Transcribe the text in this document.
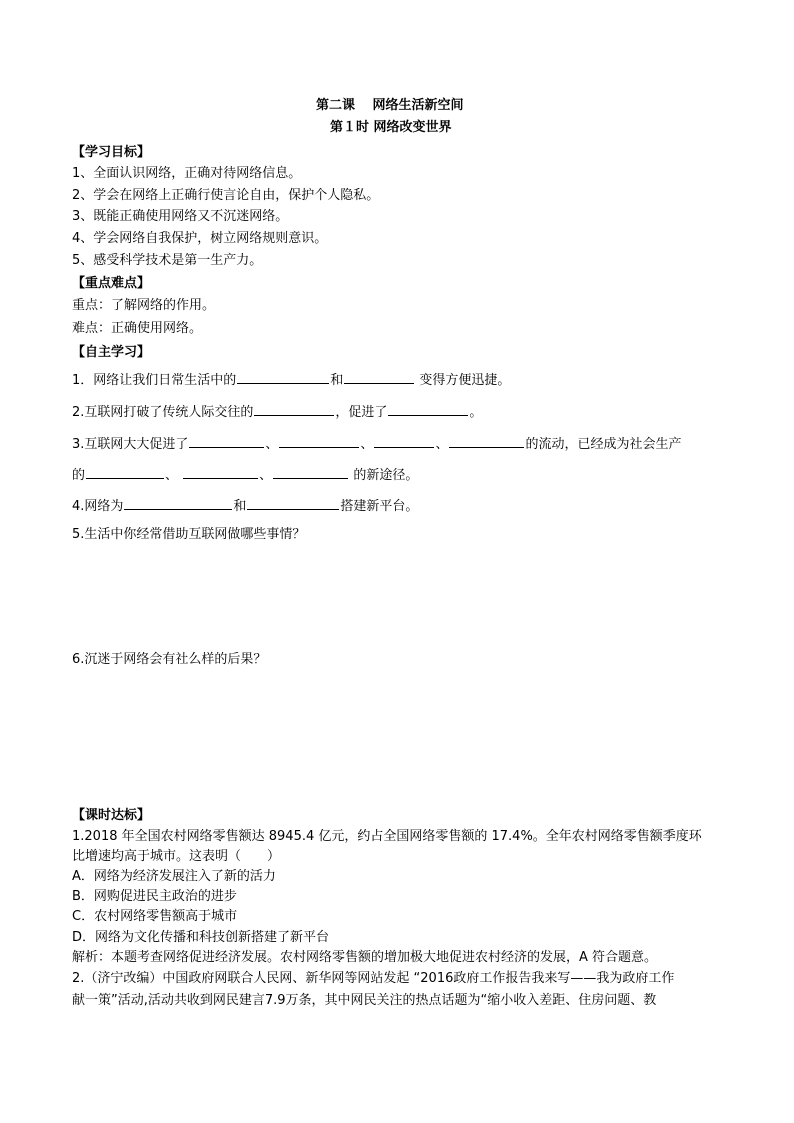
第二课　 网络生活新空间
第１时 网络改变世界
【学习目标】
1、全面认识网络，正确对待网络信息。
2、学会在网络上正确行使言论自由，保护个人隐私。
3、既能正确使用网络又不沉迷网络。
4、学会网络自我保护，树立网络规则意识。
5、感受科学技术是第一生产力。
【重点难点】
重点：了解网络的作用。
难点：正确使用网络。
【自主学习】
1．网络让我们日常生活中的	和	变得方便迅捷。
2.互联网打破了传统人际交往的	，促进了	。
3.互联网大大促进了	、	、	、	的流动，已经成为社会生产
的	、	、	的新途径。
4.网络为	和	搭建新平台。
5.生活中你经常借助互联网做哪些事情？
6.沉迷于网络会有社么样的后果？
【课时达标】
1.2018 年全国农村网络零售额达 8945.4 亿元，约占全国网络零售额的 17.4%。全年农村网络零售额季度环
比增速均高于城市。这表明（　　）
A．网络为经济发展注入了新的活力
B．网购促进民主政治的进步
C．农村网络零售额高于城市
D．网络为文化传播和科技创新搭建了新平台
解析：本题考查网络促进经济发展。农村网络零售额的增加极大地促进农村经济的发展，A 符合题意。
2.（济宁改编）中国政府网联合人民网、新华网等网站发起 “2016政府工作报告我来写——我为政府工作
献一策”活动,活动共收到网民建言7.9万条，其中网民关注的热点话题为“缩小收入差距、住房问题、教
